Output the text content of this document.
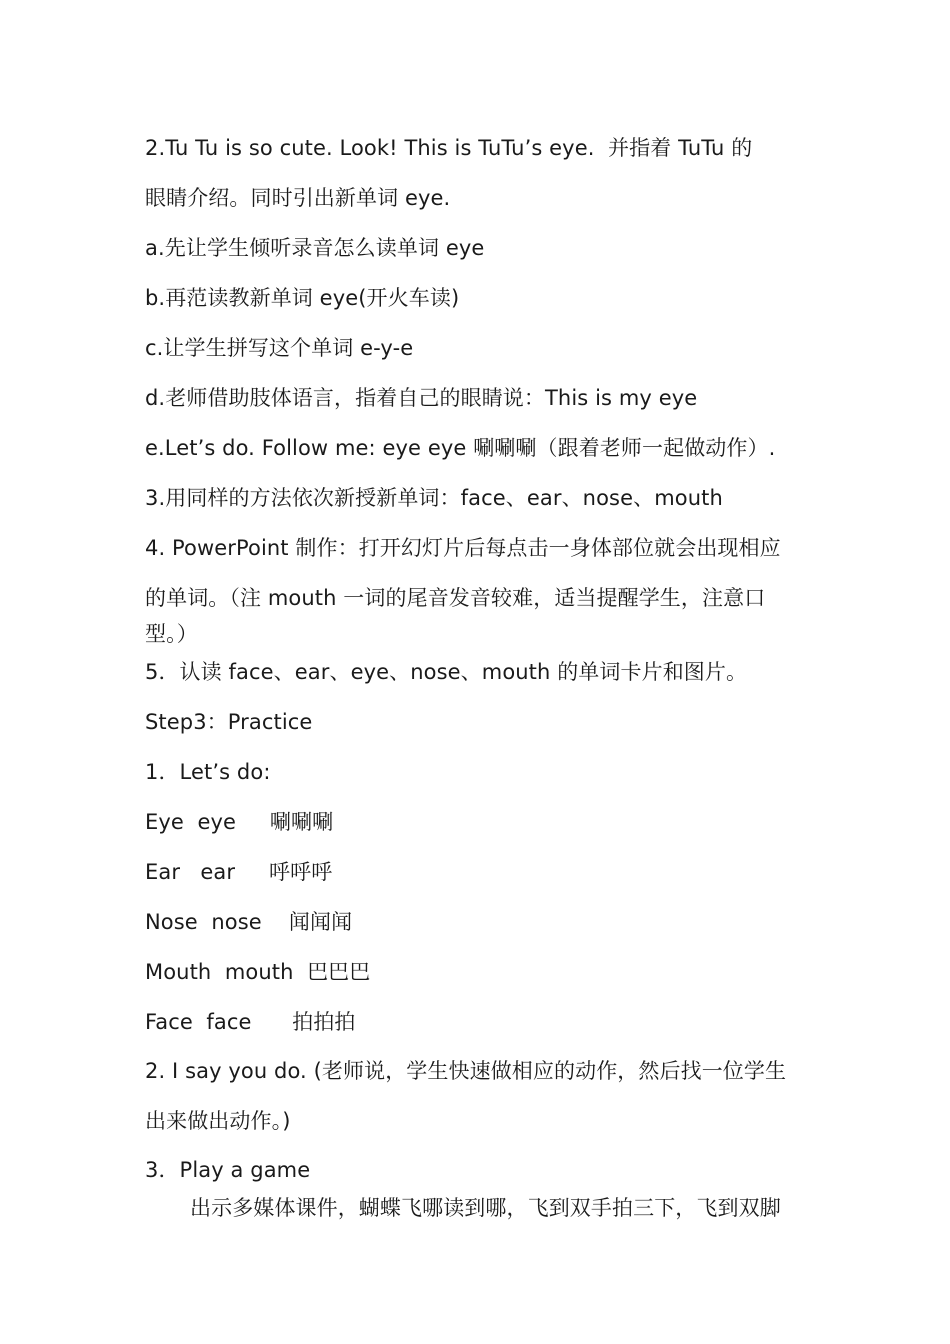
2.Tu Tu is so cute. Look! This is TuTu’s eye.  并指着 TuTu 的
眼睛介绍。同时引出新单词 eye.
a.先让学生倾听录音怎么读单词 eye
b.再范读教新单词 eye(开火车读)
c.让学生拼写这个单词 e-y-e
d.老师借助肢体语言，指着自己的眼睛说：This is my eye
e.Let’s do. Follow me: eye eye 唰唰唰（跟着老师一起做动作）.
3.用同样的方法依次新授新单词：face、ear、nose、mouth
4. PowerPoint 制作：打开幻灯片后每点击一身体部位就会出现相应
的单词。（注 mouth 一词的尾音发音较难，适当提醒学生，注意口
型。）
5．认读 face、ear、eye、nose、mouth 的单词卡片和图片。
Step3：Practice
1．Let’s do:
Eye  eye     唰唰唰
Ear   ear     呼呼呼
Nose  nose    闻闻闻
Mouth  mouth  巴巴巴
Face  face      拍拍拍
2. I say you do. (老师说，学生快速做相应的动作，然后找一位学生
出来做出动作。)
3．Play a game
出示多媒体课件，蝴蝶飞哪读到哪，飞到双手拍三下，飞到双脚
